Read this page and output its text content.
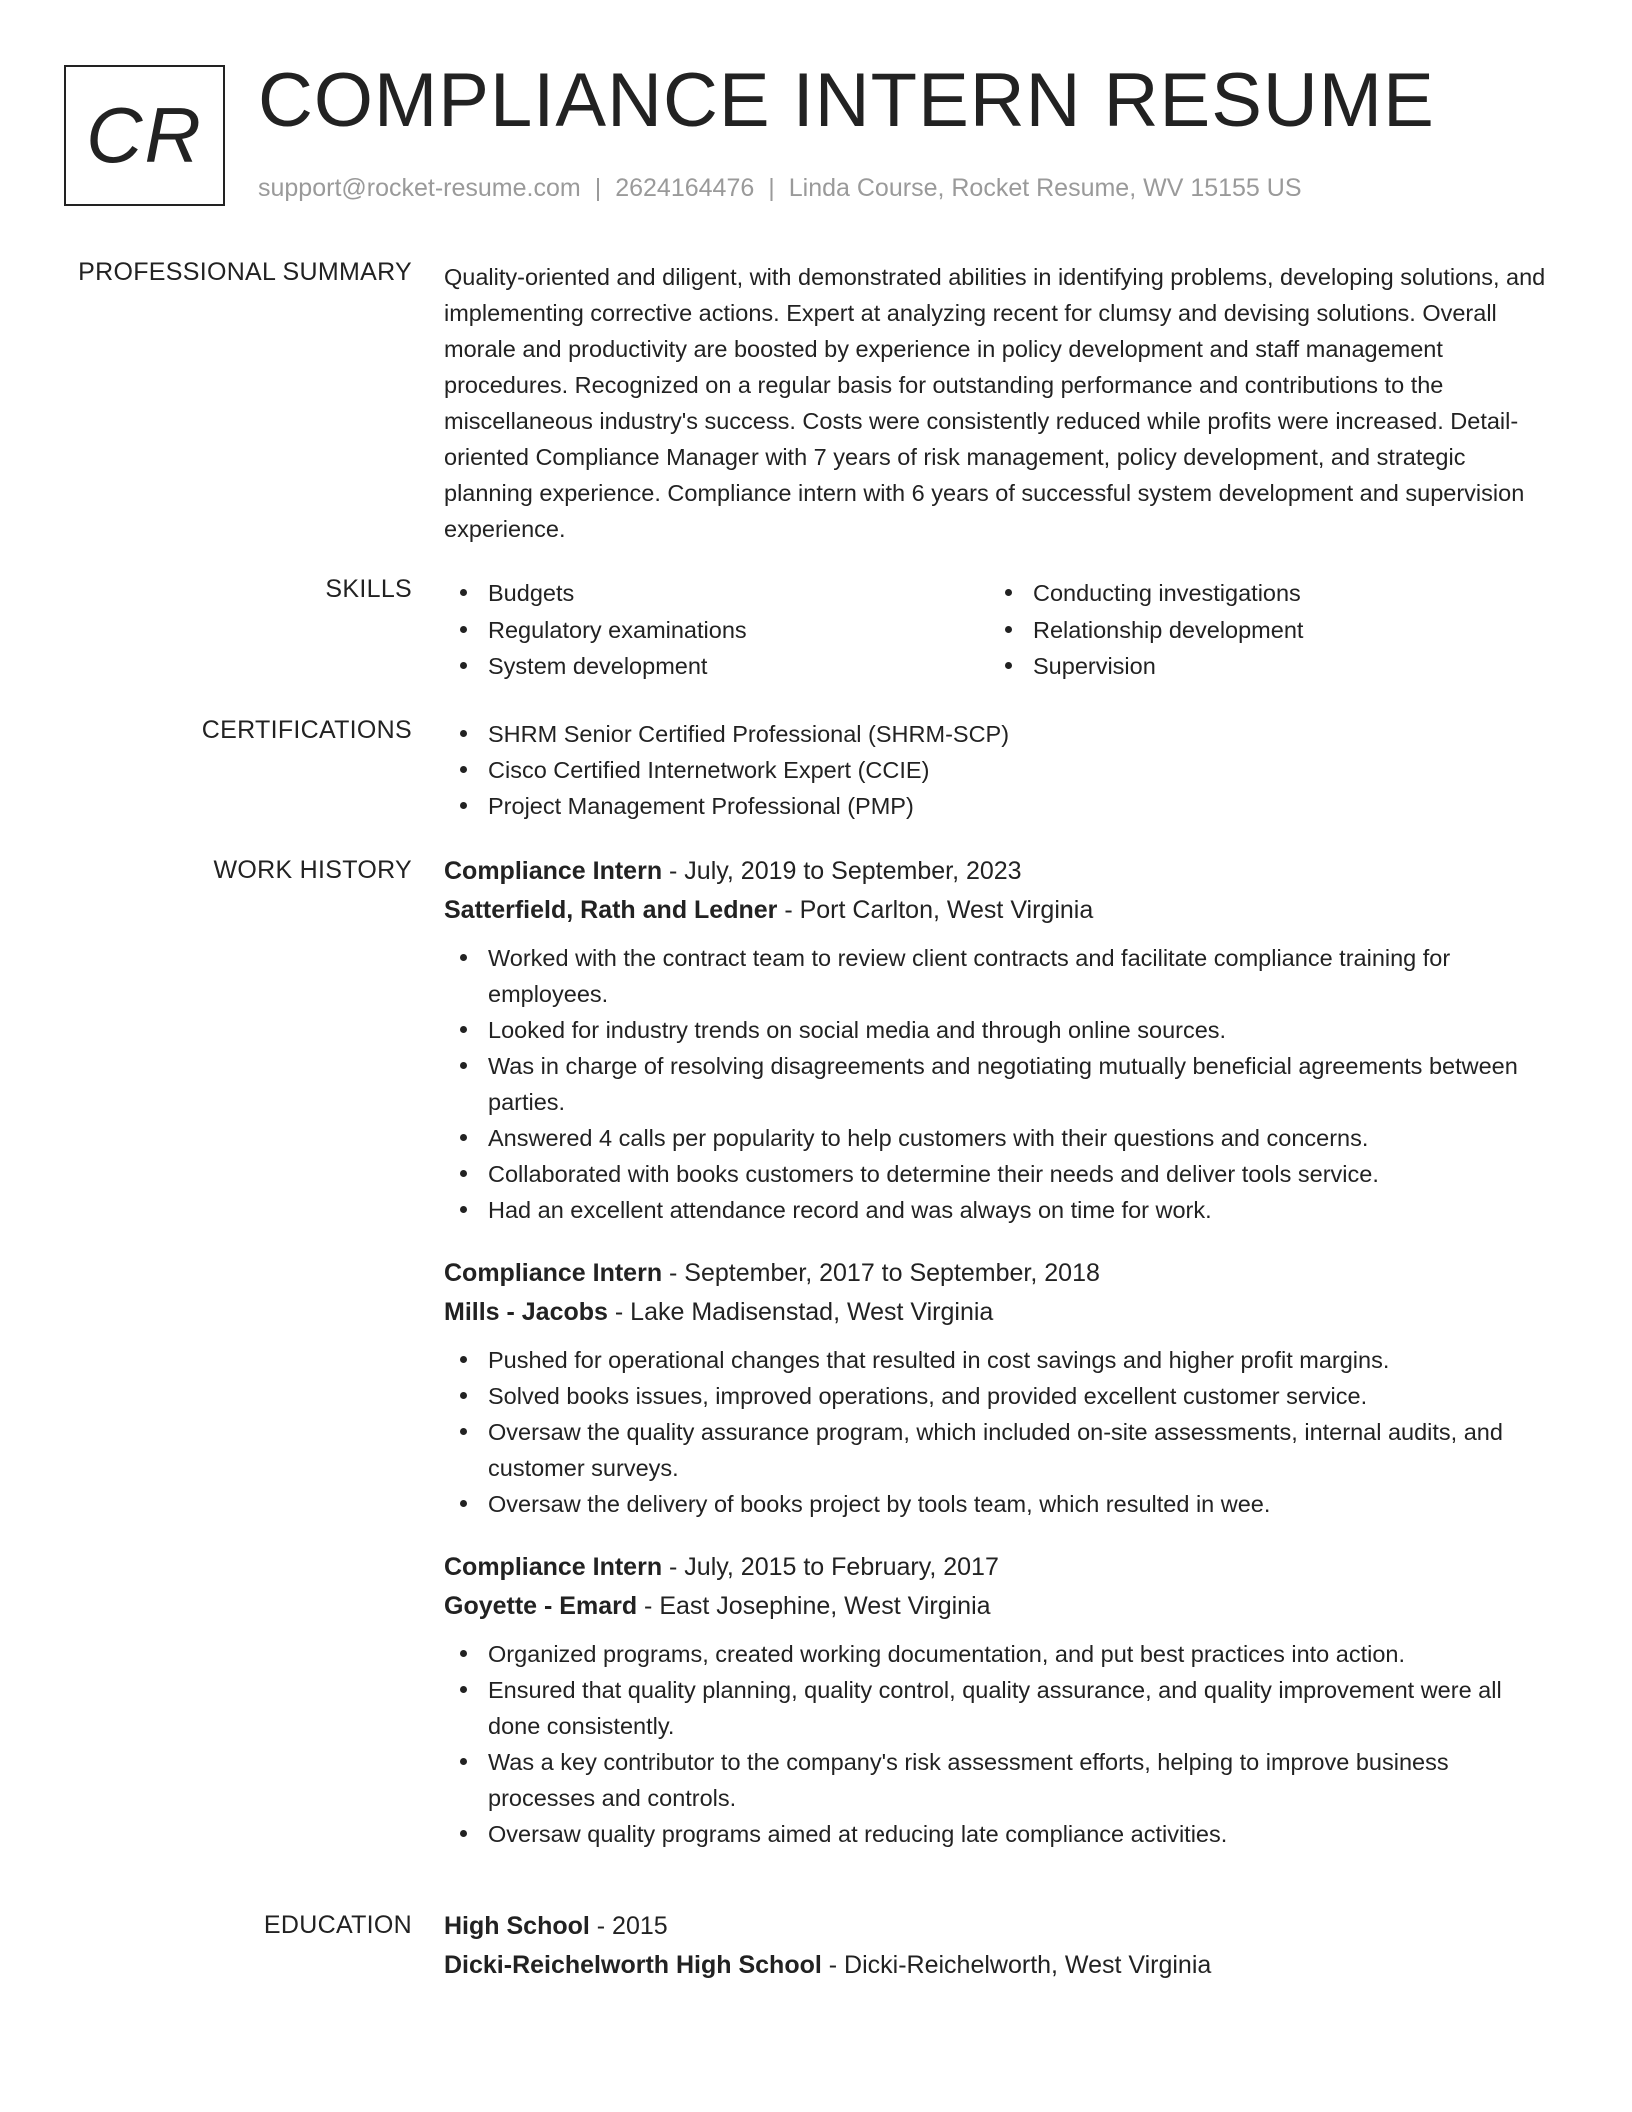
CR COMPLIANCE INTERN RESUME
support@rocket-resume.com | 2624164476 | Linda Course, Rocket Resume, WV 15155 US
PROFESSIONAL SUMMARY Quality-oriented and diligent, with demonstrated abilities in identifying problems, developing solutions, and implementing corrective actions. Expert at analyzing recent for clumsy and devising solutions. Overall morale and productivity are boosted by experience in policy development and staff management procedures. Recognized on a regular basis for outstanding performance and contributions to the miscellaneous industry's success. Costs were consistently reduced while profits were increased. Detail-oriented Compliance Manager with 7 years of risk management, policy development, and strategic planning experience. Compliance intern with 6 years of successful system development and supervision experience.

SKILLS	Budgets
Regulatory examinations
System development
Conducting investigations
Relationship development
Supervision
CERTIFICATIONS	SHRM Senior Certified Professional (SHRM-SCP)
Cisco Certified Internetwork Expert (CCIE)
Project Management Professional (PMP)
WORK HISTORY Compliance Intern - July, 2019 to September, 2023
Satterfield, Rath and Ledner - Port Carlton, West Virginia
Worked with the contract team to review client contracts and facilitate compliance training for employees.
Looked for industry trends on social media and through online sources.
Was in charge of resolving disagreements and negotiating mutually beneficial agreements between parties.
Answered 4 calls per popularity to help customers with their questions and concerns.
Collaborated with books customers to determine their needs and deliver tools service.
Had an excellent attendance record and was always on time for work.
Compliance Intern - September, 2017 to September, 2018
Mills - Jacobs - Lake Madisenstad, West Virginia
Pushed for operational changes that resulted in cost savings and higher profit margins.
Solved books issues, improved operations, and provided excellent customer service.
Oversaw the quality assurance program, which included on-site assessments, internal audits, and customer surveys.
Oversaw the delivery of books project by tools team, which resulted in wee.
Compliance Intern - July, 2015 to February, 2017
Goyette - Emard - East Josephine, West Virginia
Organized programs, created working documentation, and put best practices into action.
Ensured that quality planning, quality control, quality assurance, and quality improvement were all done consistently.
Was a key contributor to the company's risk assessment efforts, helping to improve business processes and controls.
Oversaw quality programs aimed at reducing late compliance activities.
EDUCATION High School - 2015
Dicki-Reichelworth High School - Dicki-Reichelworth, West Virginia
